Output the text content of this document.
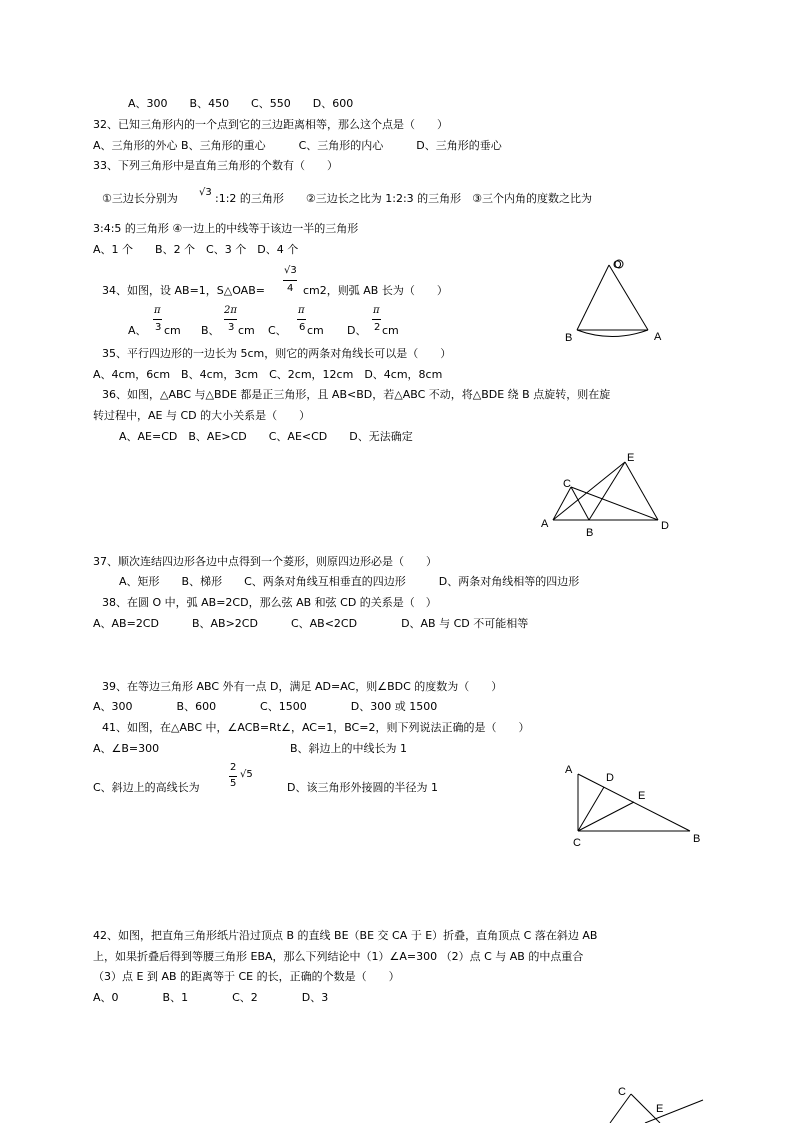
A、300　　B、450　　C、550　　D、600
32、已知三角形内的一个点到它的三边距离相等，那么这个点是（　　）
A、三角形的外心 B、三角形的重心　　　C、三角形的内心　　　D、三角形的垂心
33、下列三角形中是直角三角形的个数有（　　）
①三边长分别为 √3 :1:2 的三角形　　②三边长之比为 1:2:3 的三角形　③三个内角的度数之比为
3:4:5 的三角形 ④一边上的中线等于该边一半的三角形
A、1 个　　B、2 个　C、3 个　D、4 个
34、如图，设 AB=1，S△OAB=
√3
4 cm2，则弧 AB 长为（　　）
A、
π
3 cm B、
2π
3 cm C、
π
6 cm D、
π
2 cm
35、平行四边形的一边长为 5cm，则它的两条对角线长可以是（　　）
A、4cm，6cm　B、4cm，3cm　C、2cm，12cm　D、4cm，8cm
36、如图，△ABC 与△BDE 都是正三角形，且 AB<BD，若△ABC 不动，将△BDE 绕 B 点旋转，则在旋
转过程中，AE 与 CD 的大小关系是（　　）
A、AE=CD　B、AE>CD　　C、AE<CD　　D、无法确定
37、顺次连结四边形各边中点得到一个菱形，则原四边形必是（　　）
A、矩形　　B、梯形　　C、两条对角线互相垂直的四边形　　　D、两条对角线相等的四边形
38、在圆 O 中，弧 AB=2CD，那么弦 AB 和弦 CD 的关系是（　）
A、AB=2CD　　　B、AB>2CD　　　C、AB<2CD　　　　D、AB 与 CD 不可能相等
39、在等边三角形 ABC 外有一点 D，满足 AD=AC，则∠BDC 的度数为（　　）
A、300　　　　B、600　　　　C、1500　　　　D、300 或 1500
41、如图，在△ABC 中，∠ACB=Rt∠，AC=1，BC=2，则下列说法正确的是（　　）
A、∠B=300	B、斜边上的中线长为 1
C、斜边上的高线长为
2
5
√5
D、该三角形外接圆的半径为 1
42、如图，把直角三角形纸片沿过顶点 B 的直线 BE（BE 交 CA 于 E）折叠，直角顶点 C 落在斜边 AB
上，如果折叠后得到等腰三角形 EBA，那么下列结论中（1）∠A=300 （2）点 C 与 AB 的中点重合
（3）点 E 到 AB 的距离等于 CE 的长，正确的个数是（　　）
A、0　　　　B、1　　　　C、2　　　　D、3
O
B	A
E
C
A
B
D
A
D
E
B
C
C
E
